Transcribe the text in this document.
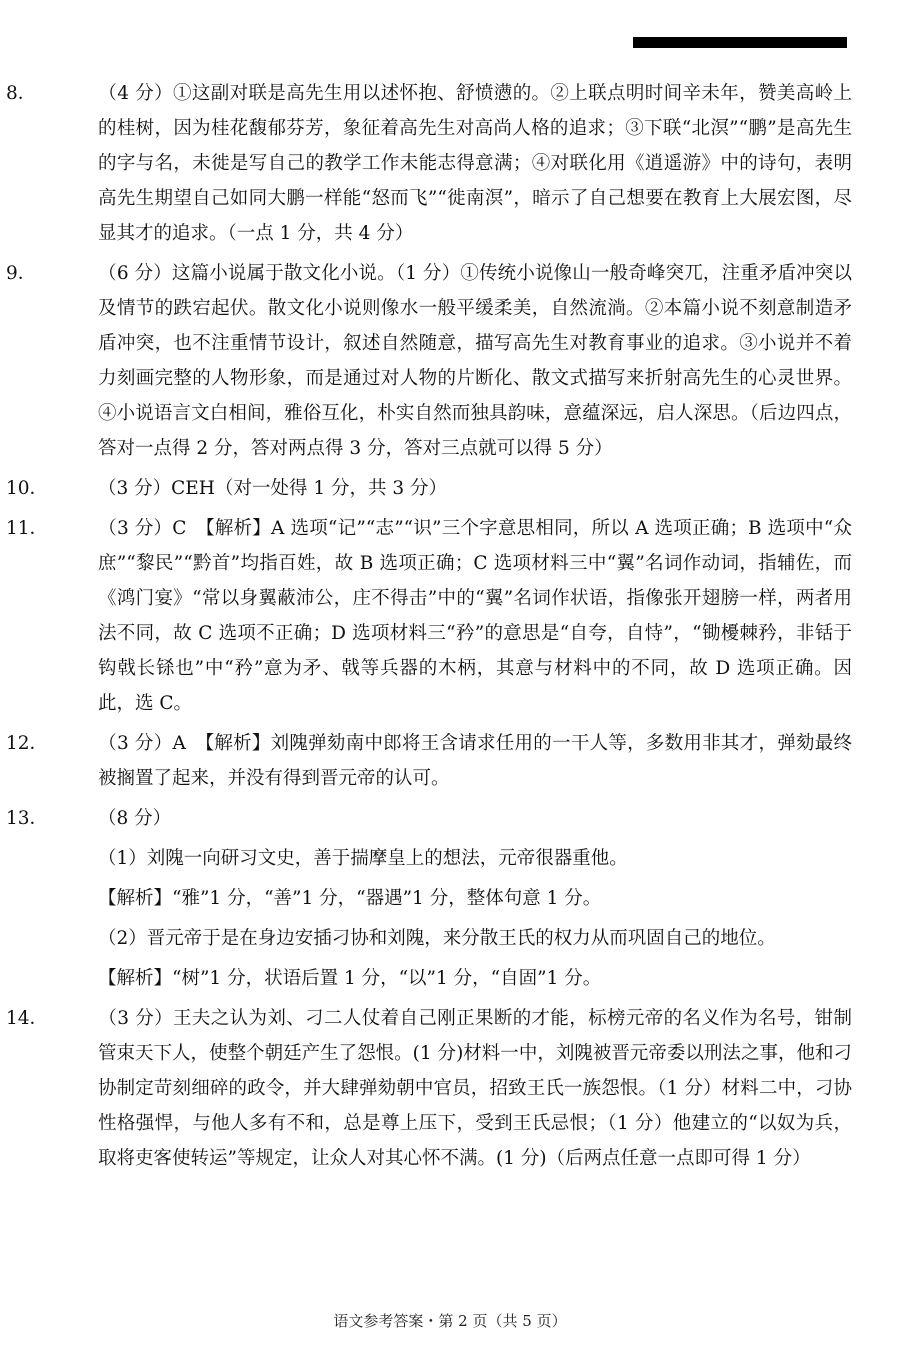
8．	（4 分）①这副对联是高先生用以述怀抱、舒愤懑的。②上联点明时间辛未年，赞美高岭上的桂树，因为桂花馥郁芬芳，象征着高先生对高尚人格的追求；③下联“北溟”“鹏”是高先生的字与名，未徙是写自己的教学工作未能志得意满；④对联化用《逍遥游》中的诗句，表明高先生期望自己如同大鹏一样能“怒而飞”“徙南溟”，暗示了自己想要在教育上大展宏图，尽显其才的追求。（一点 1 分，共 4 分）
9．	（6 分）这篇小说属于散文化小说。（1 分）①传统小说像山一般奇峰突兀，注重矛盾冲突以及情节的跌宕起伏。散文化小说则像水一般平缓柔美，自然流淌。②本篇小说不刻意制造矛盾冲突，也不注重情节设计，叙述自然随意，描写高先生对教育事业的追求。③小说并不着力刻画完整的人物形象，而是通过对人物的片断化、散文式描写来折射高先生的心灵世界。④小说语言文白相间，雅俗互化，朴实自然而独具韵味，意蕴深远，启人深思。（后边四点，答对一点得 2 分，答对两点得 3 分，答对三点就可以得 5 分）
10．	（3 分）CEH（对一处得 1 分，共 3 分）
11．	（3 分）C　【解析】A 选项“记”“志”“识”三个字意思相同，所以 A 选项正确；B 选项中“众庶”“黎民”“黔首”均指百姓，故 B 选项正确；C 选项材料三中“翼”名词作动词，指辅佐，而《鸿门宴》“常以身翼蔽沛公，庄不得击”中的“翼”名词作状语，指像张开翅膀一样，两者用法不同，故 C 选项不正确；D 选项材料三“矜”的意思是“自夸，自恃”，“锄櫌棘矜，非铦于钩戟长铩也”中“矜”意为矛、戟等兵器的木柄，其意与材料中的不同，故 D 选项正确。因此，选 C。
12．	（3 分）A　【解析】刘隗弹劾南中郎将王含请求任用的一干人等，多数用非其才，弹劾最终被搁置了起来，并没有得到晋元帝的认可。
13．	（8 分）
（1）刘隗一向研习文史，善于揣摩皇上的想法，元帝很器重他。
【解析】“雅”1 分，“善”1 分，“器遇”1 分，整体句意 1 分。
（2）晋元帝于是在身边安插刁协和刘隗，来分散王氏的权力从而巩固自己的地位。
【解析】“树”1 分，状语后置 1 分，“以”1 分，“自固”1 分。
14．	（3 分）王夫之认为刘、刁二人仗着自己刚正果断的才能，标榜元帝的名义作为名号，钳制管束天下人，使整个朝廷产生了怨恨。(1 分)材料一中，刘隗被晋元帝委以刑法之事，他和刁协制定苛刻细碎的政令，并大肆弹劾朝中官员，招致王氏一族怨恨。（1 分）材料二中，刁协性格强悍，与他人多有不和，总是尊上压下，受到王氏忌恨；（1 分）他建立的“以奴为兵，取将吏客使转运”等规定，让众人对其心怀不满。(1 分)（后两点任意一点即可得 1 分）
语文参考答案・第 2 页（共 5 页）
